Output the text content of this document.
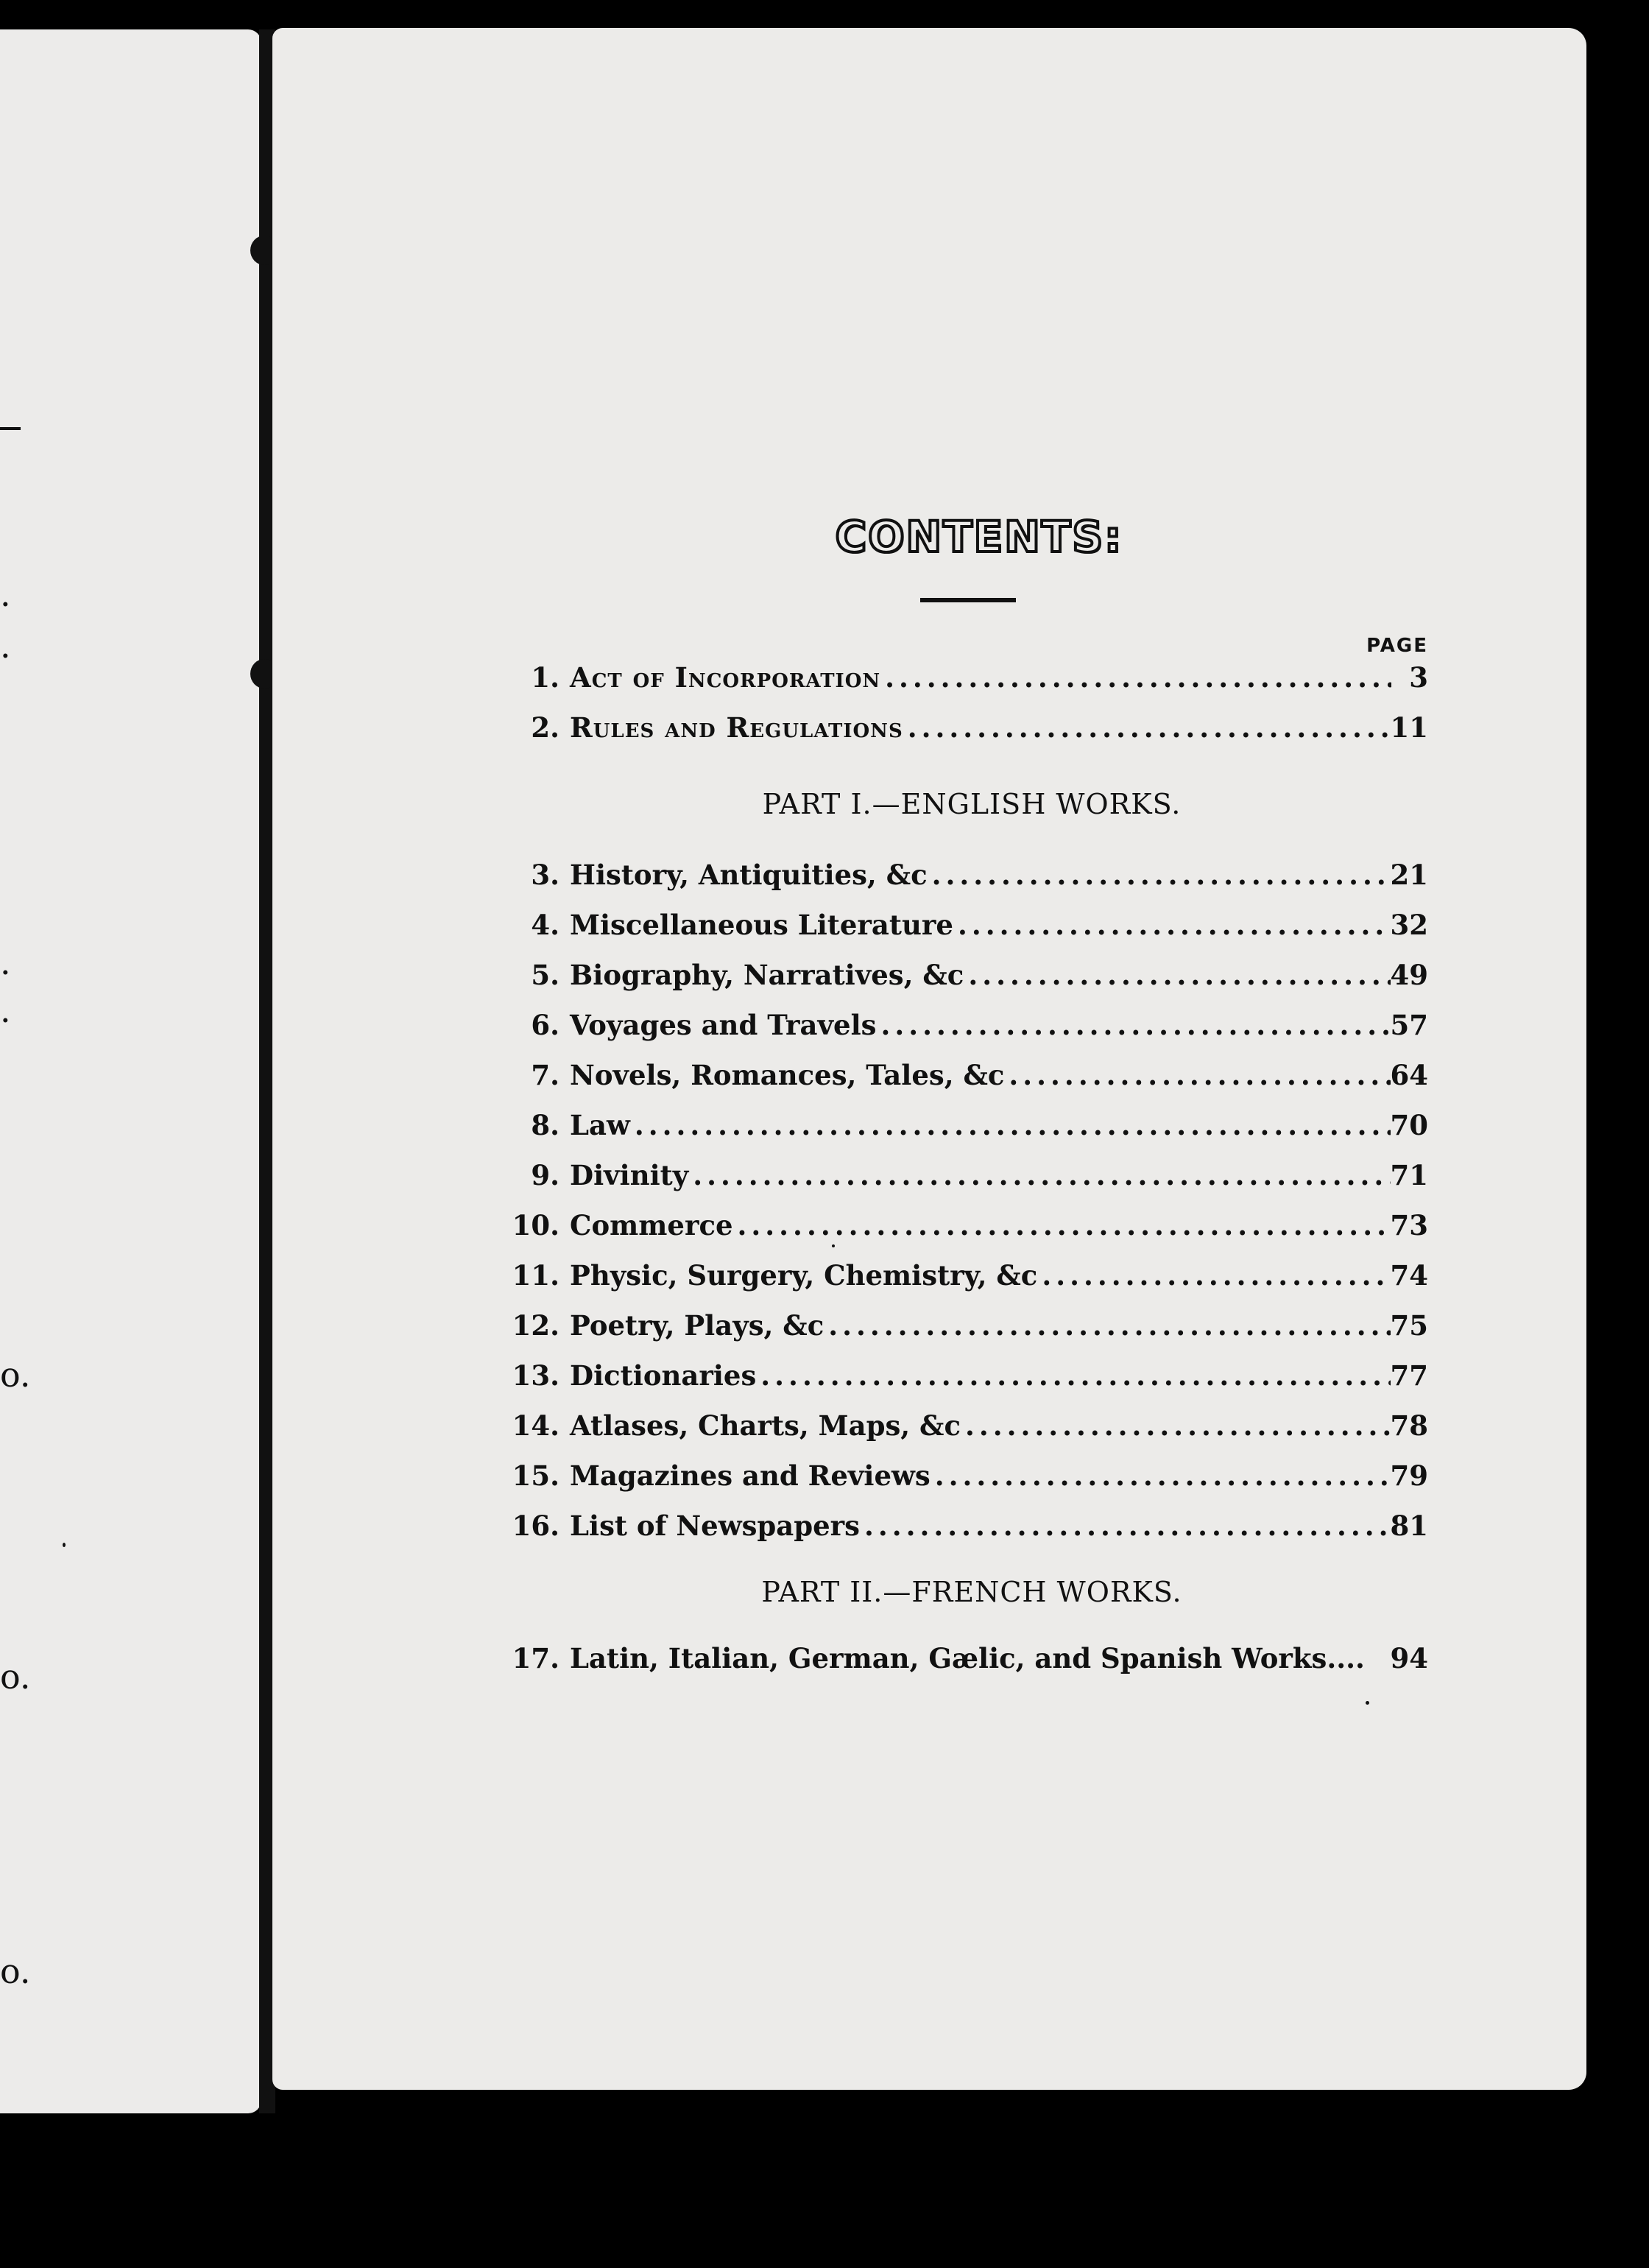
.
.
.
.
o.
o.
o.
CONTENTS:
PAGE
1. Act of Incorporation .....	3
2. Rules and Regulations .....	11
PART I.—ENGLISH WORKS.
3. History, Antiquities, &c .....	21
4. Miscellaneous Literature .....	32
5. Biography, Narratives, &c .....	49
6. Voyages and Travels .....	57
7. Novels, Romances, Tales, &c .....	64
8. Law .....	70
9. Divinity .....	71
10. Commerce .....	73
11. Physic, Surgery, Chemistry, &c .....	74
12. Poetry, Plays, &c .....	75
13. Dictionaries .....	77
14. Atlases, Charts, Maps, &c .....	78
15. Magazines and Reviews .....	79
16. List of Newspapers .....	81
PART II.—FRENCH WORKS.
17. Latin, Italian, German, Gælic, and Spanish Works.... 94
